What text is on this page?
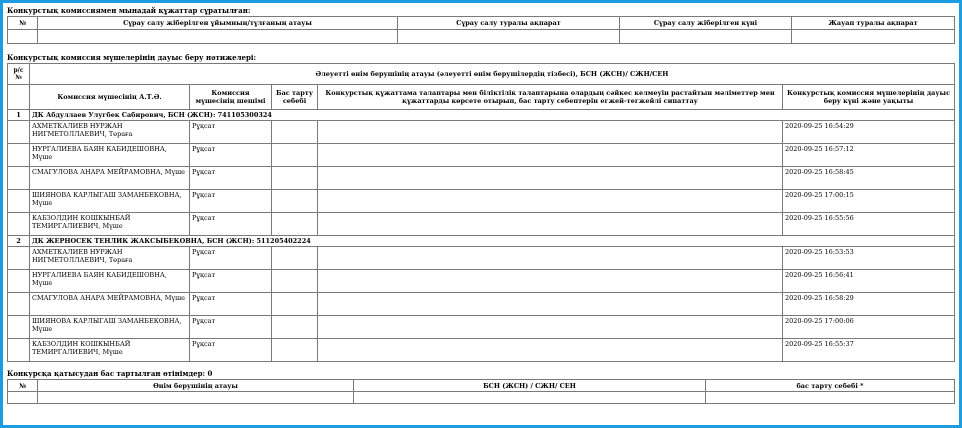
Конкурстық комиссиямен мынадай құжаттар сұратылған:

№	Сұрау салу жіберілген ұйымның/тұлғаның атауы	Сұрау салу туралы ақпарат	Сұрау салу жіберілген күні	Жауап туралы ақпарат

Конкурстық комиссия мүшелерінің дауыс беру нәтижелері:

р/с №	Әлеуетті өнім берушінің атауы (әлеуетті өнім берушілердің тізбесі), БСН (ЖСН)/ СЖН/СЕН				
	Комиссия мүшесінің А.Т.Ә.	Комиссия мүшесінің шешімі	Бас тарту себебі	Конкурстық құжаттама талаптары мен біліктілік талаптарына олардың сәйкес келмеуін растайтын мәліметтер мен құжаттарды көрсете отырып, бас тарту себептерін егжей-тегжейлі сипаттау	Конкурстық комиссия мүшелерінің дауыс беру күні және уақыты
1	ДК Абдуллаев Улугбек Сабирович, БСН (ЖСН): 741105300324				
	АХМЕТКАЛИЕВ НУРЖАН НИГМЕТОЛЛАЕВИЧ, Төраға	Рұқсат			2020-09-25 16:54:29
	НУРГАЛИЕВА БАЯН КАБИДЕШОВНА, Мүше	Рұқсат			2020-09-25 16:57:12
	СМАГУЛОВА АНАРА МЕЙРАМОВНА, Мүше	Рұқсат			2020-09-25 16:58:45
	ШИЯНОВА КАРЛЫГАШ ЗАМАНБЕКОВНА, Мүше	Рұқсат			2020-09-25 17:00:15
	КАБЗОЛДИН КОШКЫНБАЙ ТЕМИРГАЛИЕВИЧ, Мүше	Рұқсат			2020-09-25 16:55:56
2	ДК ЖЕРНОСЕК ТЕНЛИК ЖАКСЫБЕКОВНА, БСН (ЖСН): 511205402224				
	АХМЕТКАЛИЕВ НУРЖАН НИГМЕТОЛЛАЕВИЧ, Төраға	Рұқсат			2020-09-25 16:53:53
	НУРГАЛИЕВА БАЯН КАБИДЕШОВНА, Мүше	Рұқсат			2020-09-25 16:56:41
	СМАГУЛОВА АНАРА МЕЙРАМОВНА, Мүше	Рұқсат			2020-09-25 16:58:29
	ШИЯНОВА КАРЛЫГАШ ЗАМАНБЕКОВНА, Мүше	Рұқсат			2020-09-25 17:00:06
	КАБЗОЛДИН КОШКЫНБАЙ ТЕМИРГАЛИЕВИЧ, Мүше	Рұқсат			2020-09-25 16:55:37

Конкурсқа қатысудан бас тартылған өтінімдер: 0

№	Өнім берушінің атауы	БСН (ЖСН) / СЖН/ СЕН	бас тарту себебі *
